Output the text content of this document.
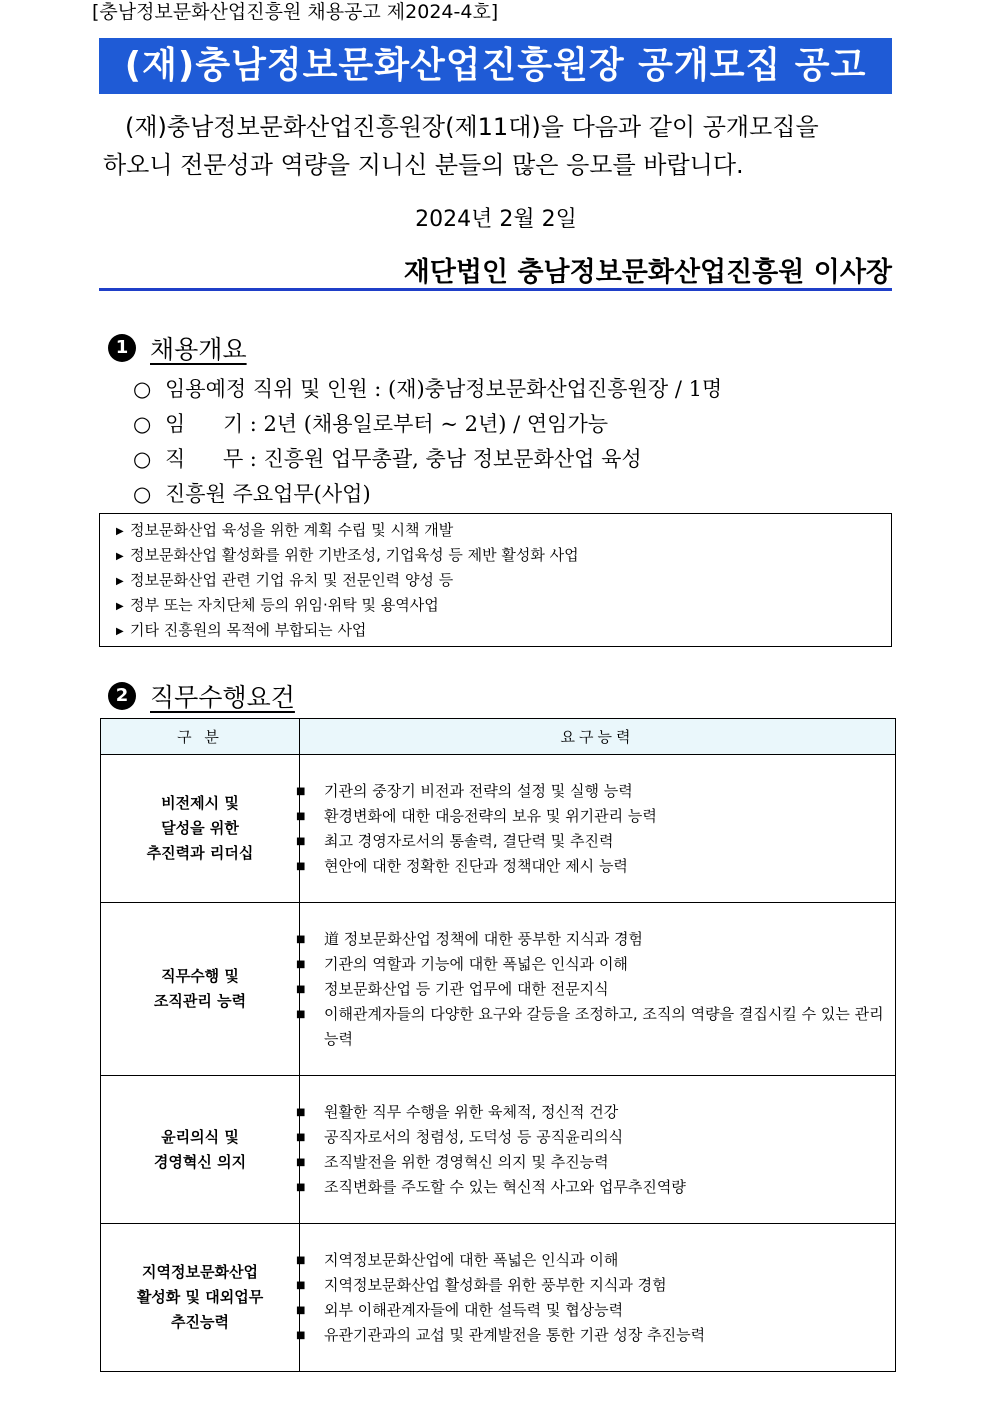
[충남정보문화산업진흥원 채용공고 제2024-4호]
(재)충남정보문화산업진흥원장 공개모집 공고
(재)충남정보문화산업진흥원장(제11대)을 다음과 같이 공개모집을
하오니 전문성과 역량을 지니신 분들의 많은 응모를 바랍니다.
2024년 2월 2일
재단법인 충남정보문화산업진흥원 이사장
1 채용개요
○ 임용예정 직위 및 인원 : (재)충남정보문화산업진흥원장 / 1명
○ 임 기 : 2년 (채용일로부터 ~ 2년) / 연임가능
○ 직 무 : 진흥원 업무총괄, 충남 정보문화산업 육성
○ 진흥원 주요업무(사업)
▶ 정보문화산업 육성을 위한 계획 수립 및 시책 개발
▶ 정보문화산업 활성화를 위한 기반조성, 기업육성 등 제반 활성화 사업
▶ 정보문화산업 관련 기업 유치 및 전문인력 양성 등
▶ 정부 또는 자치단체 등의 위임·위탁 및 용역사업
▶ 기타 진흥원의 목적에 부합되는 사업
2 직무수행요건
구 분	요구능력
비전제시 및
달성을 위한
추진력과 리더십	■ 기관의 중장기 비전과 전략의 설정 및 실행 능력
■ 환경변화에 대한 대응전략의 보유 및 위기관리 능력
■ 최고 경영자로서의 통솔력, 결단력 및 추진력
■ 현안에 대한 정확한 진단과 정책대안 제시 능력

직무수행 및
조직관리 능력	■ 道 정보문화산업 정책에 대한 풍부한 지식과 경험
■ 기관의 역할과 기능에 대한 폭넓은 인식과 이해
■ 정보문화산업 등 기관 업무에 대한 전문지식
■ 이해관계자들의 다양한 요구와 갈등을 조정하고, 조직의 역량을 결집시킬 수 있는 관리능력

윤리의식 및
경영혁신 의지	■ 원활한 직무 수행을 위한 육체적, 정신적 건강
■ 공직자로서의 청렴성, 도덕성 등 공직윤리의식
■ 조직발전을 위한 경영혁신 의지 및 추진능력
■ 조직변화를 주도할 수 있는 혁신적 사고와 업무추진역량

지역정보문화산업
활성화 및 대외업무
추진능력	■ 지역정보문화산업에 대한 폭넓은 인식과 이해
■ 지역정보문화산업 활성화를 위한 풍부한 지식과 경험
■ 외부 이해관계자들에 대한 설득력 및 협상능력
■ 유관기관과의 교섭 및 관계발전을 통한 기관 성장 추진능력
